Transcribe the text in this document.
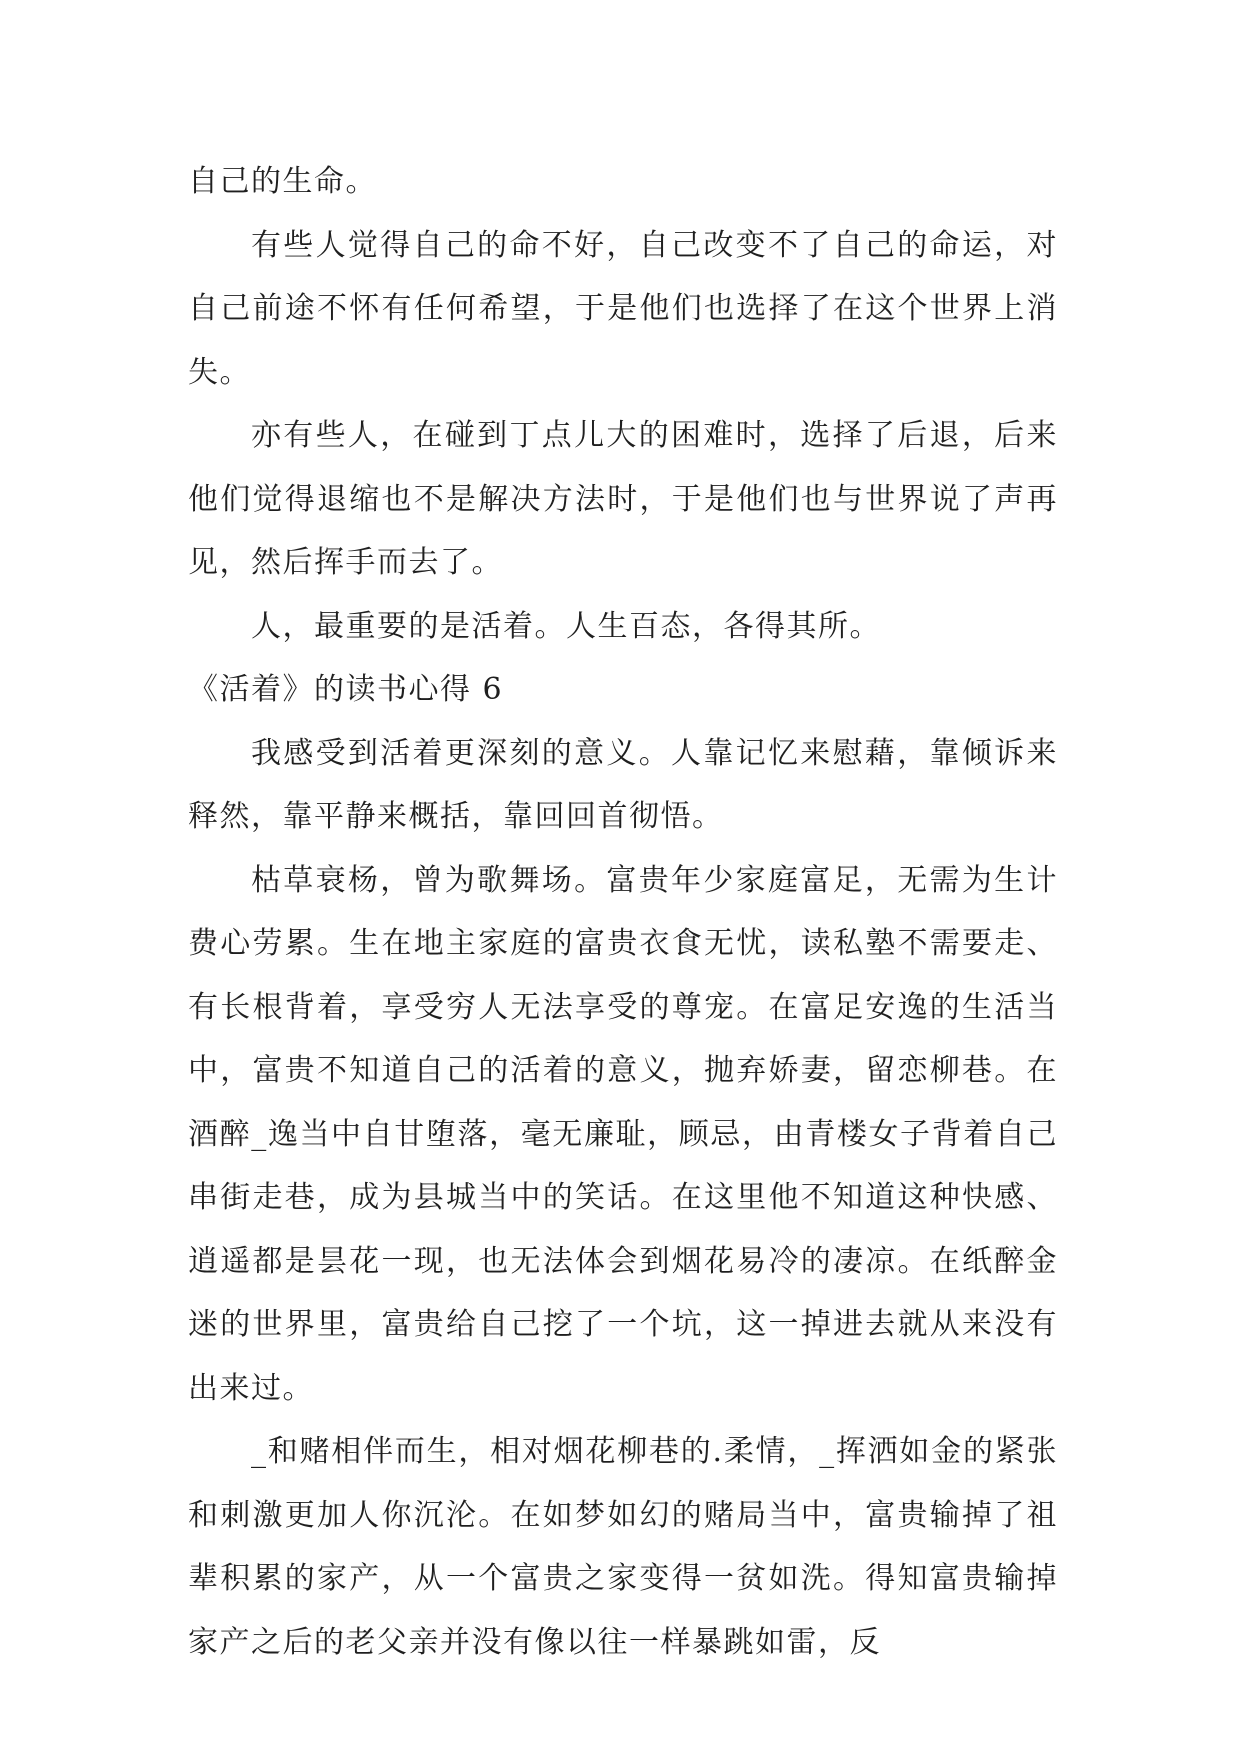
自己的生命。

有些人觉得自己的命不好，自己改变不了自己的命运，对自己前途不怀有任何希望，于是他们也选择了在这个世界上消失。

亦有些人，在碰到丁点儿大的困难时，选择了后退，后来他们觉得退缩也不是解决方法时，于是他们也与世界说了声再见，然后挥手而去了。

人，最重要的是活着。人生百态，各得其所。

《活着》的读书心得 6

我感受到活着更深刻的意义。人靠记忆来慰藉，靠倾诉来释然，靠平静来概括，靠回回首彻悟。

枯草衰杨，曾为歌舞场。富贵年少家庭富足，无需为生计费心劳累。生在地主家庭的富贵衣食无忧，读私塾不需要走、有长根背着，享受穷人无法享受的尊宠。在富足安逸的生活当中，富贵不知道自己的活着的意义，抛弃娇妻，留恋柳巷。在酒醉_逸当中自甘堕落，毫无廉耻，顾忌，由青楼女子背着自己串街走巷，成为县城当中的笑话。在这里他不知道这种快感、逍遥都是昙花一现，也无法体会到烟花易冷的凄凉。在纸醉金迷的世界里，富贵给自己挖了一个坑，这一掉进去就从来没有出来过。

_和赌相伴而生，相对烟花柳巷的.柔情，_挥洒如金的紧张和刺激更加人你沉沦。在如梦如幻的赌局当中，富贵输掉了祖辈积累的家产，从一个富贵之家变得一贫如洗。得知富贵输掉家产之后的老父亲并没有像以往一样暴跳如雷，反
